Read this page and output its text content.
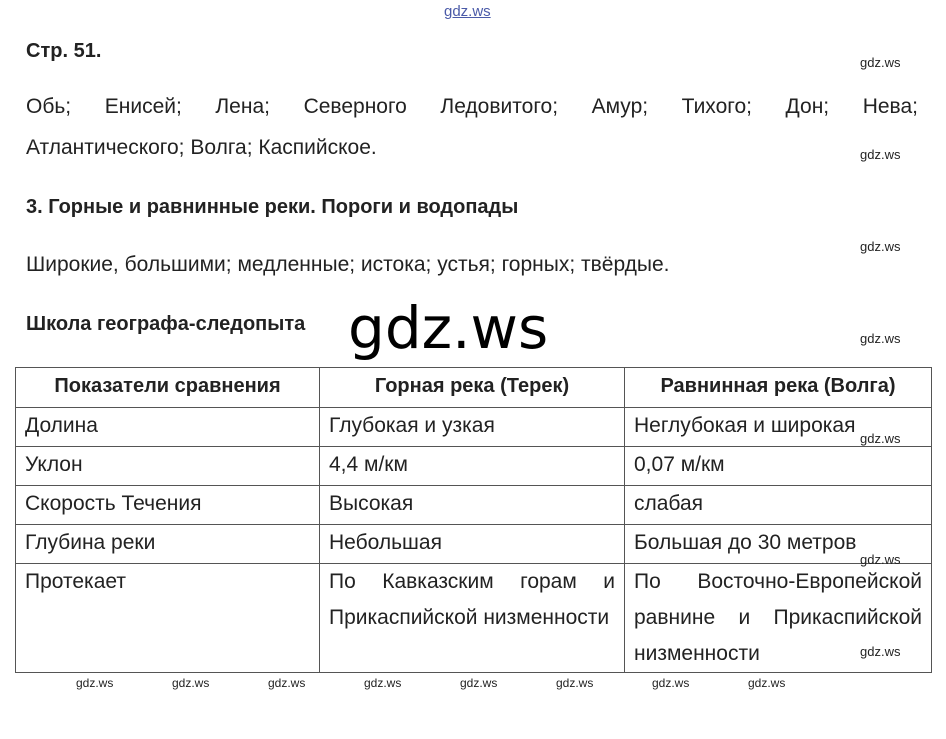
gdz.ws
Стр. 51.
Обь; Енисей; Лена; Северного Ледовитого; Амур; Тихого; Дон; Нева;
Атлантического; Волга; Каспийское.
3. Горные и равнинные реки. Пороги и водопады
Широкие, большими; медленные; истока; устья; горных; твёрдые.
Школа географа-следопыта gdz.ws
gdz.ws
gdz.ws
gdz.ws
gdz.ws
Показатели сравнения	Горная река (Терек)	Равнинная река (Волга)
Долина	Глубокая и узкая	Неглубокая и широкая
Уклон	4,4 м/км	0,07 м/км
Скорость Течения	Высокая	слабая
Глубина реки	Небольшая	Большая до 30 метров
Протекает	По Кавказским горам и Прикаспийской низменности	По Восточно-Европейской равнине и Прикаспийской низменности
gdz.ws
gdz.ws
gdz.ws
gdz.ws	gdz.ws	gdz.ws	gdz.ws	gdz.ws	gdz.ws	gdz.ws	gdz.ws
